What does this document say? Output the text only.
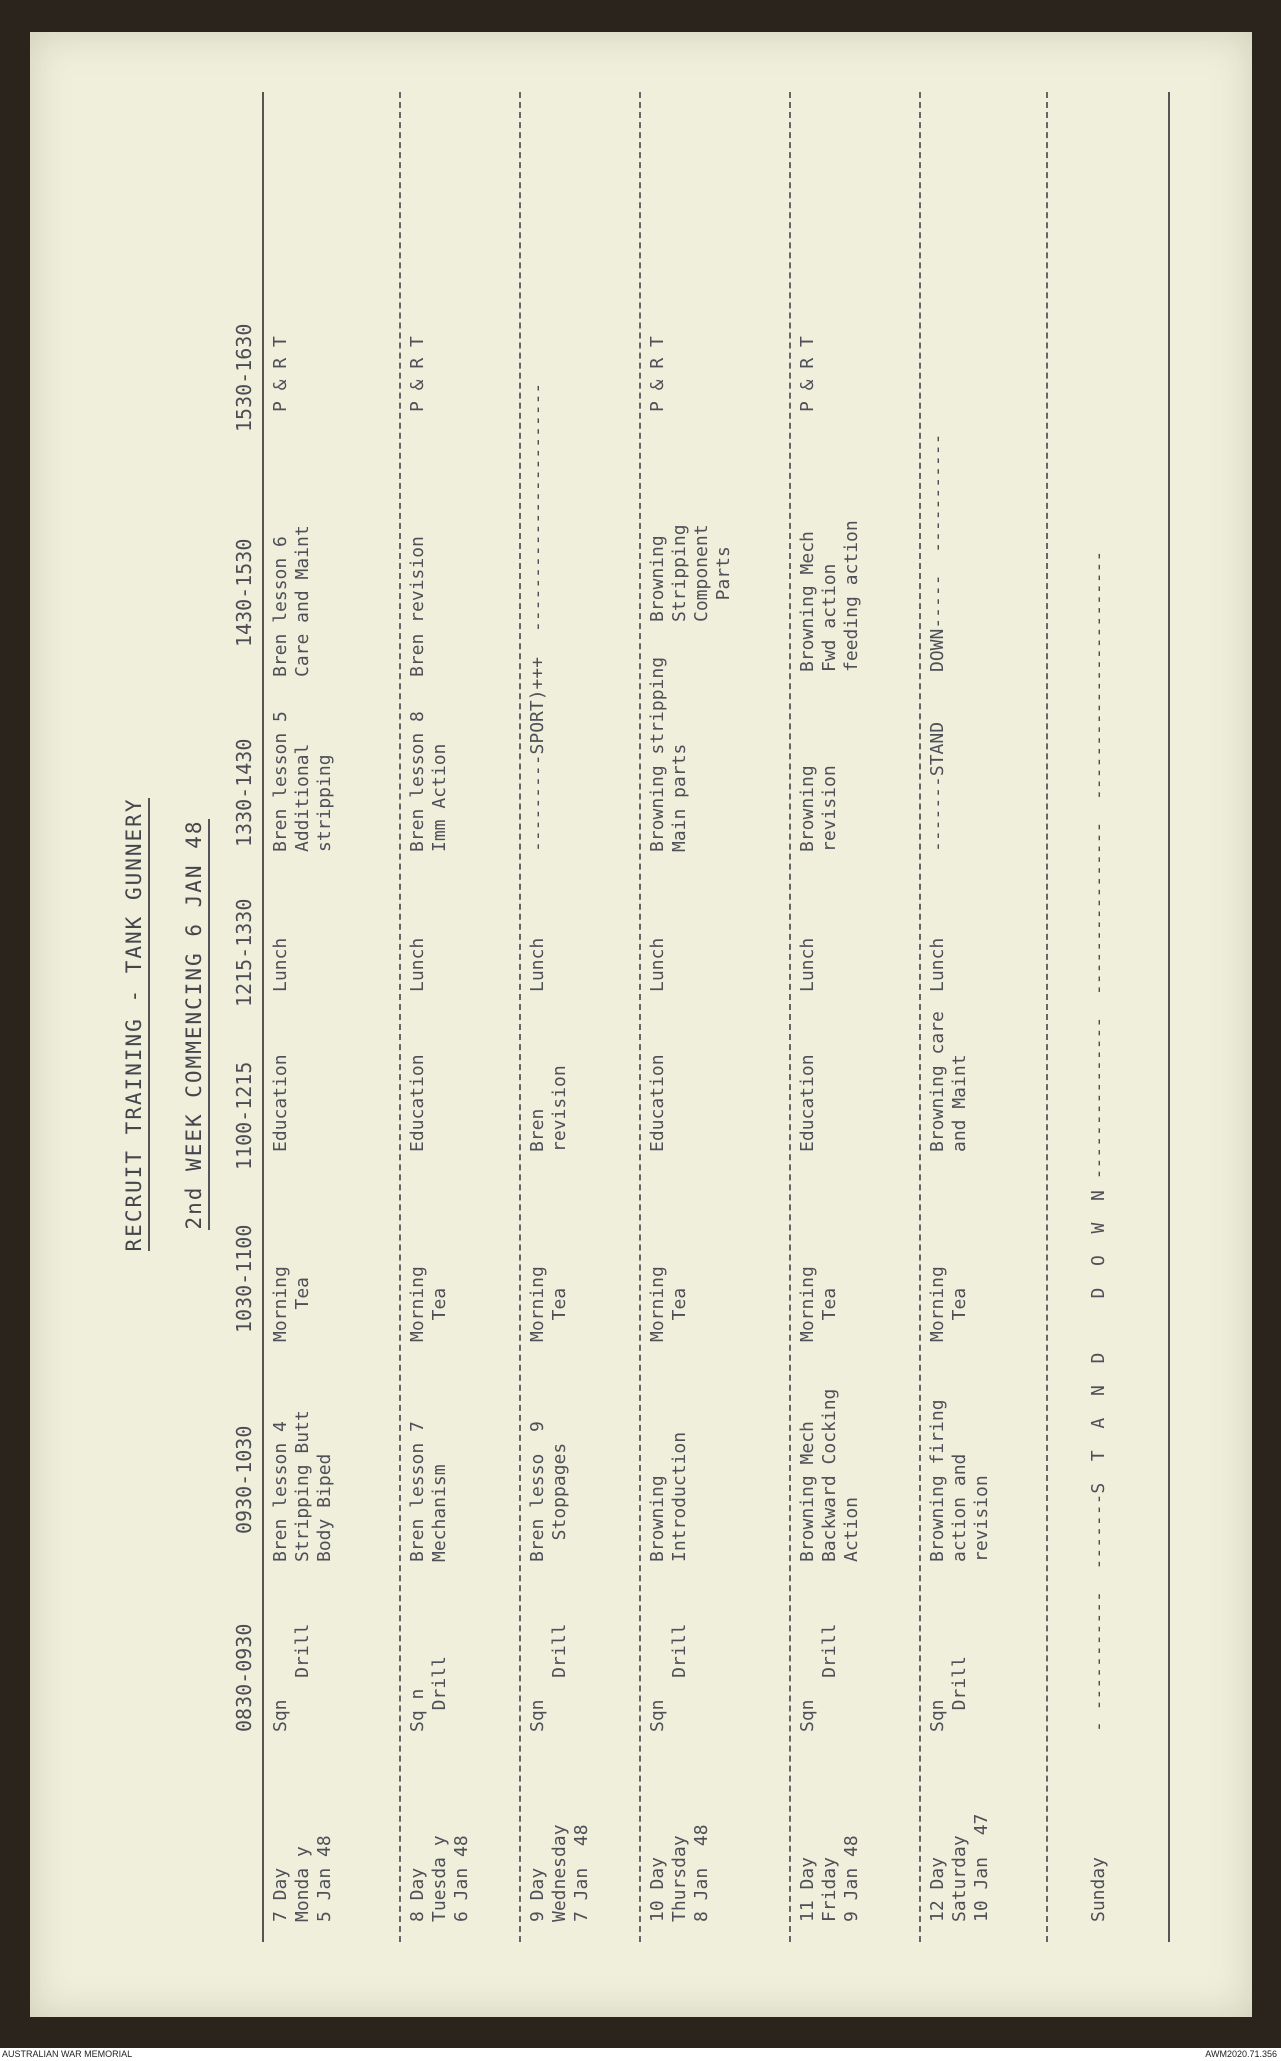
RECRUIT TRAINING - TANK GUNNERY 2nd WEEK COMMENCING 6 JAN 48
0830-0930
0930-1030
1030-1100
1100-1215
1215-1330
1330-1430
1430-1530
1530-1630
7 Day
Monda y
5 Jan 48
Sqn
Drill
Bren lesson 4
Stripping Butt
Body Biped
Morning
Tea
Education
Lunch
Bren lesson 5
Additional
stripping
Bren lesson 6
Care and Maint
P & R T
8 Day
Tuesda y
6 Jan 48
Sq n
Drill
Bren lesson 7
Mechanism
Morning
Tea
Education
Lunch
Bren lesson 8
Imm Action
Bren revision
P & R T
9 Day
Wednesday
7 Jan  48
Sqn
Drill
Bren lesso  9
Stoppages
Morning
Tea
Bren
revision
Lunch
---------SPORT)+++
-----------------------
10 Day
Thursday
8 Jan  48
Sqn
Drill
Browning
Introduction
Morning
Tea
Education
Lunch
Browning stripping
Main parts
Browning
Stripping
Component
Parts
P & R T
11 Day
Friday
9 Jan 48
Sqn
Drill
Browning Mech
Backward Cocking
Action
Morning
Tea
Education
Lunch
Browning
revision
Browning Mech
Fwd action
feeding action
P & R T
12 Day
Saturday
10 Jan  47
Sqn
Drill
Browning firing
action and
revision
Morning
Tea
Browning care
and Maint
Lunch
-------STAND
DOWN-----  -----------
Sunday
- -----------  -------S  T  A  N  D     D  O  W  N ---------------  ----------------  -----------------------
AUSTRALIAN WAR MEMORIAL	AWM2020.71.356
